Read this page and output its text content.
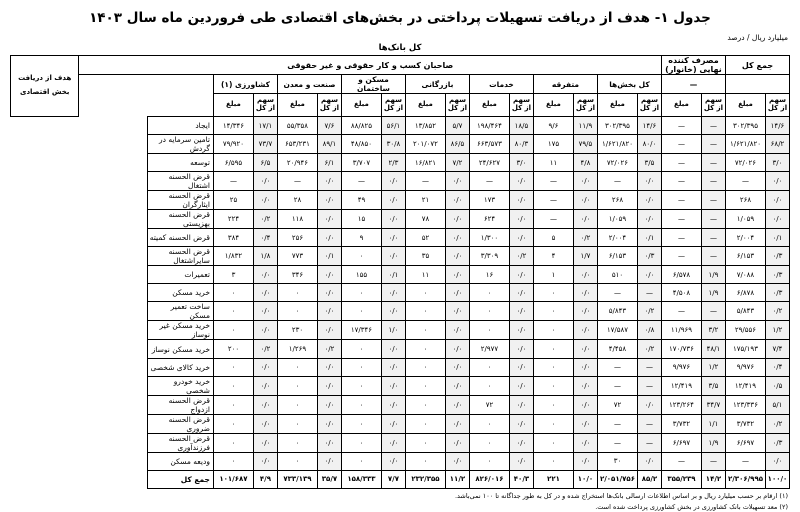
جدول ۱- هدف از دریافت تسهیلات پرداختی در بخش‌های اقتصادی طی فروردین ماه سال ۱۴۰۳
میلیارد ریال / درصد
کل بانک‌ها
جمع کل		مصرف کننده نهایی (خانوار)		صاحبان کسب و کار حقوقی و غیر حقوقی															هدف از دریافت
بخش اقتصادی

		—		کل بخش‌ها		متفرقه		خدمات		بازرگانی		مسکن و ساختمان		صنعت و معدن		کشاورزی (۱)			
سهم از کل	مبلغ	سهم از کل	مبلغ	سهم از کل	مبلغ	سهم از کل	مبلغ	سهم از کل	مبلغ	سهم از کل	مبلغ	سهم از کل	مبلغ	سهم از کل	مبلغ	سهم از کل	مبلغ		
۱۴/۶	۳۰۲/۳۹۵	—	—	۱۴/۶	۳۰۲/۳۹۵	۱۱/۹	۹/۶	۱۸/۵	۱۹۸/۴۶۴	۵/۷	۱۳/۸۵۲	۵۶/۱	۸۸/۸۲۵	۷/۶	۵۵/۳۵۸	۱۷/۱	۱۴/۳۴۶	ایجاد	
۶۸/۲	۱/۶۲۱/۸۲۰	—	—	۸۰/۰	۱/۶۲۱/۸۲۰	۷۹/۵	۱۷۵	۸۰/۳	۶۶۳/۵۷۳	۸۶/۵	۲۰۱/۰۷۲	۳۰/۸	۴۸/۸۵۰	۸۹/۱	۶۵۳/۲۳۱	۷۳/۷	۷۹/۹۲۰	تامین سرمایه در گردش	
۳/۰	۷۲/۰۲۶	—	—	۳/۵	۷۲/۰۲۶	۴/۸	۱۱	۳/۰	۲۴/۶۲۷	۷/۲	۱۶/۸۲۱	۲/۳	۳/۷۰۷	۶/۱	۲۰/۹۴۶	۶/۵	۶/۵۹۵	توسعه	
۰/۰	—	—	—	۰/۰	—	۰/۰	—	۰/۰	—	۰/۰	—	۰/۰	—	۰/۰	—	۰/۰	—	قرض الحسنه اشتغال	
۰/۰	۲۶۸	—	—	۰/۰	۲۶۸	۰/۰	—	۰/۰	۱۷۳	۰/۰	۲۱	۰/۰	۴۹	۰/۰	۲۸	۰/۰	۲۵	قرض الحسنه ایثارگران	
۰/۰	۱/۰۵۹	—	—	۰/۰	۱/۰۵۹	۰/۰	—	۰/۰	۶۲۴	۰/۰	۷۸	۰/۰	۱۵	۰/۰	۱۱۸	۰/۲	۲۲۴	قرض الحسنه بهزیستی	
۰/۱	۲/۰۰۴	—	—	۰/۱	۲/۰۰۴	۰/۲	۵	۰/۰	۱/۳۰۰	۰/۰	۵۲	۰/۰	۹	۰/۰	۲۵۶	۰/۴	۳۸۴	قرض الحسنه کمیته	
۰/۳	۶/۱۵۳	—	—	۰/۳	۶/۱۵۳	۱/۷	۴	۰/۲	۳/۳۰۹	۰/۰	۳۵	۰/۰	۰	۰/۱	۷۷۳	۱/۸	۱/۸۳۲	قرض الحسنه سایراشتغال	
۰/۳	۷/۰۸۸	۱/۹	۶/۵۷۸	۰/۰	۵۱۰	۰/۰	۱	۰/۰	۱۶	۰/۰	۱۱	۰/۱	۱۵۵	۰/۰	۳۴۶	۰/۰	۳	تعمیرات	
۰/۳	۶/۸۷۸	۱/۹	۴/۵۰۸	—	—	۰/۰	۰	۰/۰	۰	۰/۰	۰	۰/۰	۰	۰/۰	۰	۰/۰	۰	خرید مسکن	
۰/۲	۵/۸۴۳	—	—	۰/۲	۵/۸۴۳	۰/۰	۰	۰/۰	۰	۰/۰	۰	۰/۰	۰	۰/۰	۰	۰/۰	۰	ساخت تعمیر مسکن	
۱/۲	۲۹/۵۵۶	۳/۲	۱۱/۹۶۹	۰/۸	۱۷/۵۸۷	۰/۰	۰	۰/۰	۰	۰/۰	۰	۱/۰	۱۷/۳۴۶	۰/۰	۲۳۰	۰/۰	۰	خرید مسکن غیر نوساز	
۷/۴	۱۷۵/۱۹۳	۴۸/۱	۱۷۰/۷۳۶	۰/۲	۴/۴۵۸	۰/۰	۰	۰/۰	۲/۹۷۷	۰/۰	۰	۰/۰	۰	۰/۲	۱/۲۶۹	۰/۲	۲۰۰	خرید مسکن نوساز	
۰/۴	۹/۹۷۶	۱/۲	۹/۹۷۶	—	—	۰/۰	۰	۰/۰	۰	۰/۰	۰	۰/۰	۰	۰/۰	۰	۰/۰	۰	خرید کالای شخصی	
۰/۵	۱۲/۴۱۹	۳/۵	۱۲/۴۱۹	—	—	۰/۰	۰	۰/۰	۰	۰/۰	۰	۰/۰	۰	۰/۰	۰	۰/۰	۰	خرید خودرو شخصی	
۵/۱	۱۲۳/۳۳۶	۳۴/۷	۱۲۳/۲۶۴	۰/۰	۷۲	۰/۰	۰	۰/۰	۷۲	۰/۰	۰	۰/۰	۰	۰/۰	۰	۰/۰	۰	قرض الحسنه ازدواج	
۰/۲	۳/۷۳۲	۱/۱	۳/۷۳۲	—	—	۰/۰	۰	۰/۰	۰	۰/۰	۰	۰/۰	۰	۰/۰	۰	۰/۰	۰	قرض الحسنه ضروری	
۰/۳	۶/۶۹۷	۱/۹	۶/۶۹۷	—	—	۰/۰	۰	۰/۰	۰	۰/۰	۰	۰/۰	۰	۰/۰	۰	۰/۰	۰	قرض الحسنه فرزندآوری	
۰/۰	—	—	—	۰/۰	۳۰	۰/۰	۰	۰/۰	۰	۰/۰	۰	۰/۰	۰	۰/۰	۰	۰/۰	۰	ودیعه مسکن	
۱۰۰/۰	۲/۳۰۶/۹۹۵	۱۴/۲	۳۵۵/۲۳۹	۸۵/۲	۲/۰۵۱/۷۵۶	۱۰/۰	۲۲۱	۴۰/۳	۸۲۶/۰۱۶	۱۱/۲	۲۳۲/۳۵۵	۷/۷	۱۵۸/۳۳۳	۳۵/۷	۷۳۳/۱۳۹	۴/۹	۱۰۱/۶۸۷	جمع کل	
(۱) ارقام بر حسب میلیارد ریال و بر اساس اطلاعات ارسالی بانک‌ها استخراج شده و در کل به طور جداگانه تا ۱۰۰ نمی‌باشد.
(۲) معد تسهیلات بانک کشاورزی در بخش کشاورزی پرداخت شده است.
